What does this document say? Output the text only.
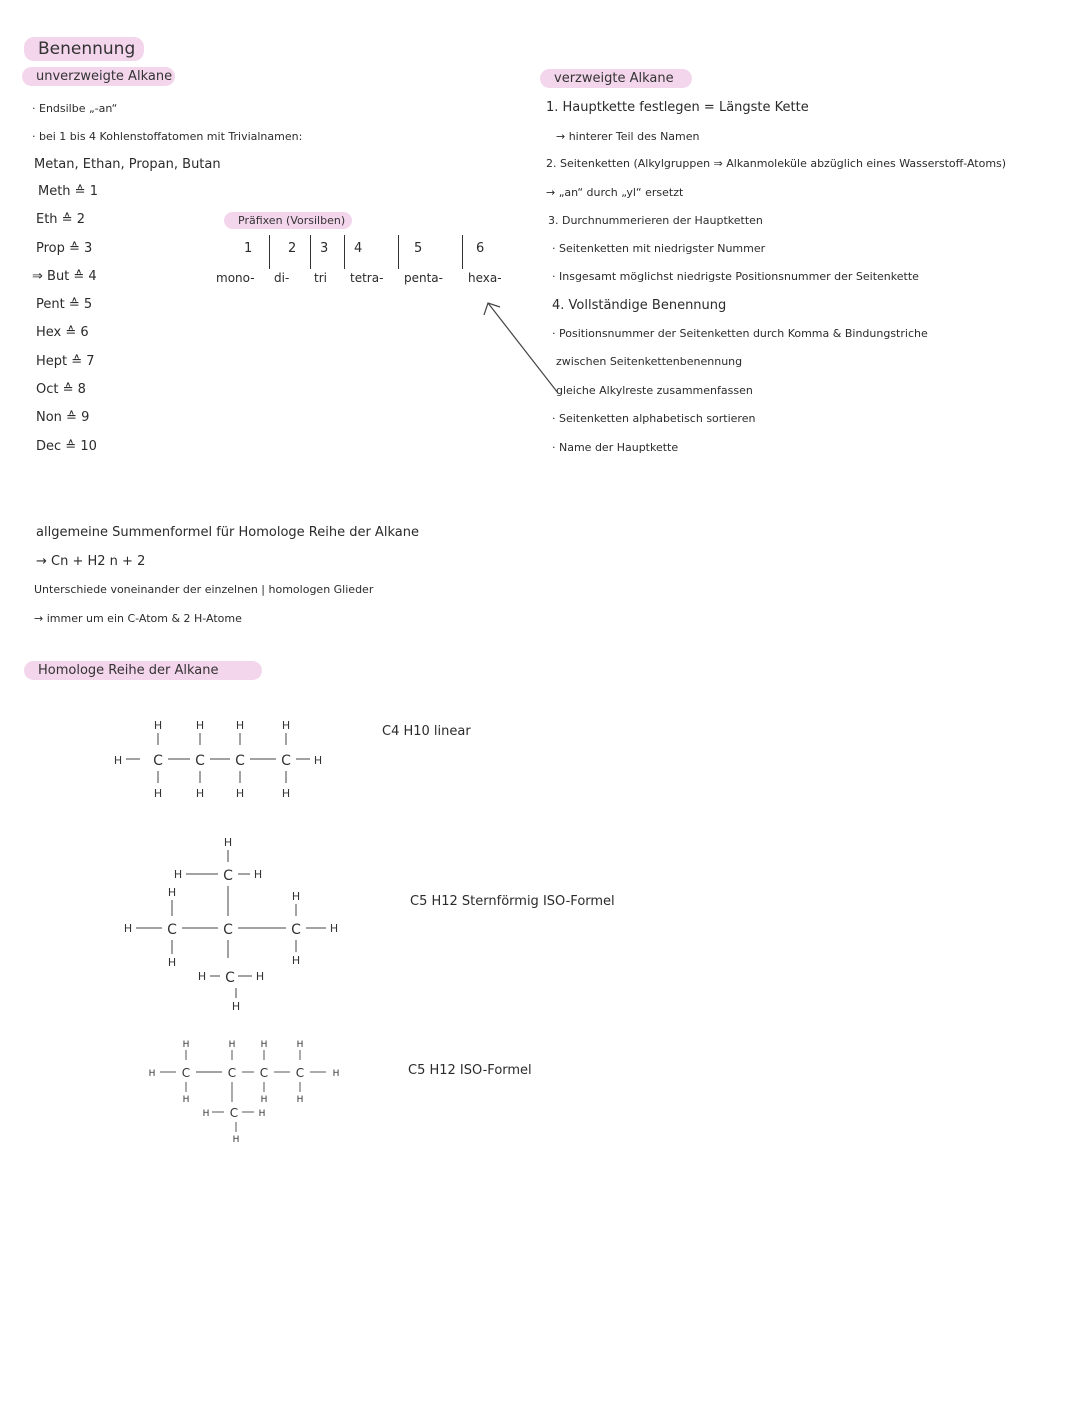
Benennung
unverzweigte Alkane
· Endsilbe „-an“
· bei 1 bis 4 Kohlenstoffatomen mit Trivialnamen:
Metan, Ethan, Propan, Butan
Meth ≙ 1
Eth ≙ 2
Prop ≙ 3
⇒ But ≙ 4
Pent ≙ 5
Hex ≙ 6
Hept ≙ 7
Oct ≙ 8
Non ≙ 9
Dec ≙ 10
Präfixen (Vorsilben)
1	2 3 4	5	6
mono- di- tri tetra- penta- hexa-
verzweigte Alkane
1. Hauptkette festlegen = Längste Kette
→ hinterer Teil des Namen
2. Seitenketten (Alkylgruppen ⇒ Alkanmoleküle abzüglich eines Wasserstoff-Atoms)
→ „an“ durch „yl“ ersetzt
3. Durchnummerieren der Hauptketten
· Seitenketten mit niedrigster Nummer
· Insgesamt möglichst niedrigste Positionsnummer der Seitenkette
4. Vollständige Benennung
· Positionsnummer der Seitenketten durch Komma & Bindungstriche
zwischen Seitenkettenbenennung
gleiche Alkylreste zusammenfassen
· Seitenketten alphabetisch sortieren
· Name der Hauptkette
allgemeine Summenformel für Homologe Reihe der Alkane
→ Cn + H2 n + 2
Unterschiede voneinander der einzelnen | homologen Glieder
→ immer um ein C-Atom & 2 H-Atome
Homologe Reihe der Alkane
C C C	C
H	H
H	H	H	H
H	H	H	H
C4 H10 linear
C
C	C	C
C
H
H	H
H	H
H	H
H	H
H	H
H
C5 H12 Sternförmig ISO-Formel
C	C C C
C
H	H
H	H	H	H
H	H	H
H	H
H
C5 H12 ISO-Formel
